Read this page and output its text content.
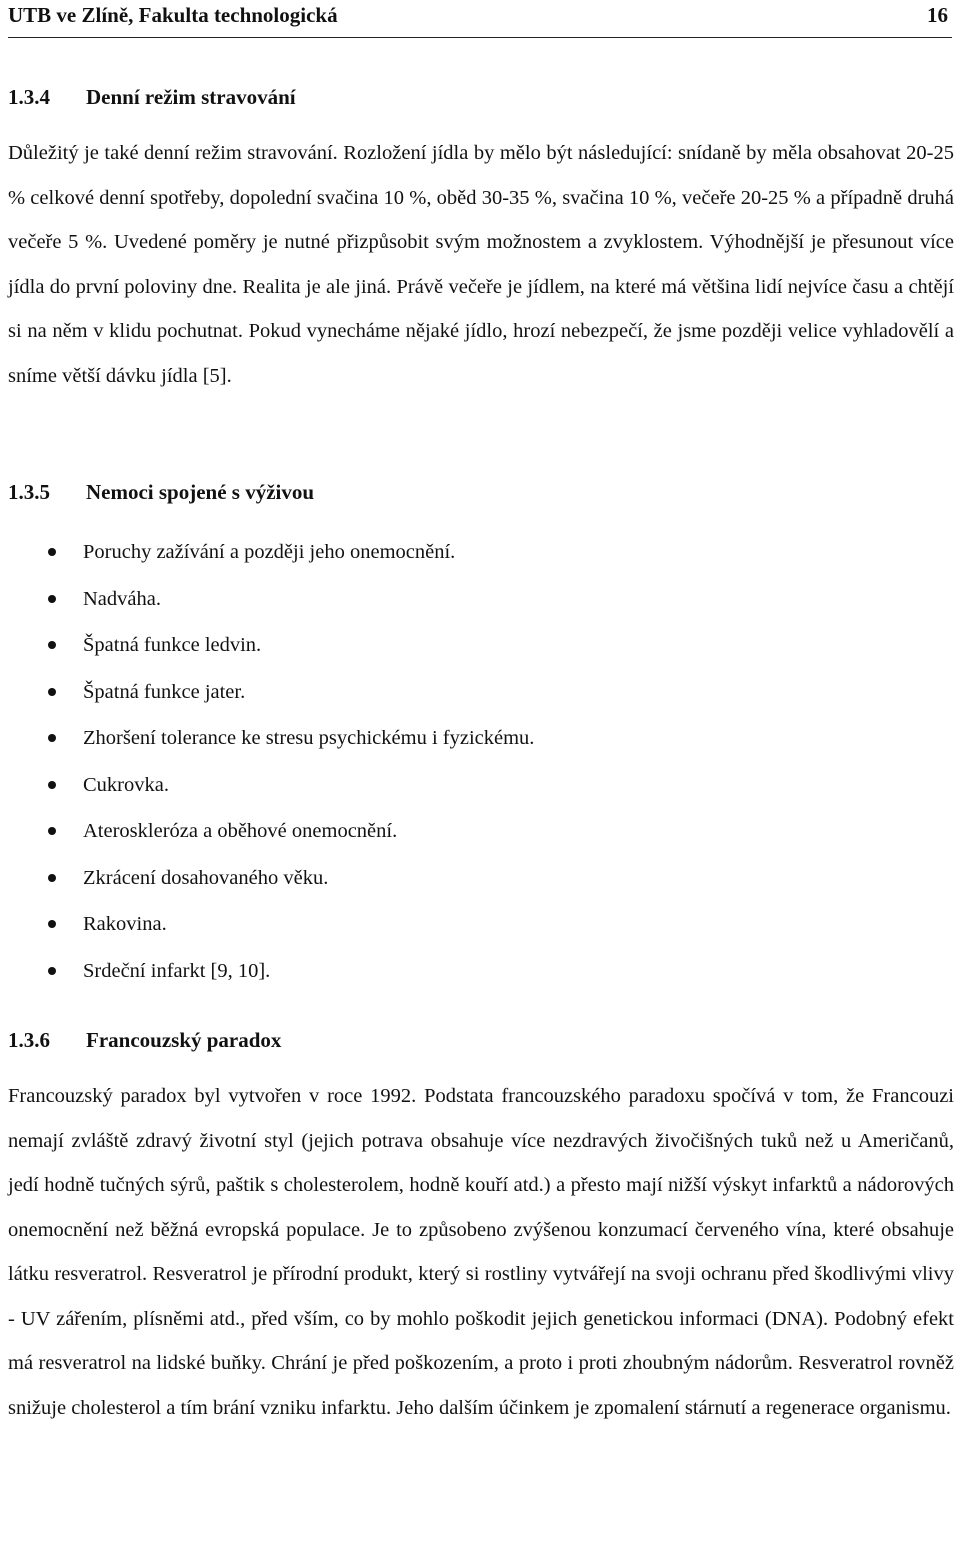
UTB ve Zlíně, Fakulta technologická	16
1.3.4 Denní režim stravování
Důležitý je také denní režim stravování. Rozložení jídla by mělo být následující: snídaně by měla obsahovat 20-25 % celkové denní spotřeby, dopolední svačina 10 %, oběd 30-35 %, svačina 10 %, večeře 20-25 % a případně druhá večeře 5 %. Uvedené poměry je nutné přizpůsobit svým možnostem a zvyklostem. Výhodnější je přesunout více jídla do první poloviny dne. Realita je ale jiná. Právě večeře je jídlem, na které má většina lidí nejvíce času a chtějí si na něm v klidu pochutnat. Pokud vynecháme nějaké jídlo, hrozí nebezpečí, že jsme později velice vyhladovělí a sníme větší dávku jídla [5].
1.3.5 Nemoci spojené s výživou
Poruchy zažívání a později jeho onemocnění.
Nadváha.
Špatná funkce ledvin.
Špatná funkce jater.
Zhoršení tolerance ke stresu psychickému i fyzickému.
Cukrovka.
Ateroskleróza a oběhové onemocnění.
Zkrácení dosahovaného věku.
Rakovina.
Srdeční infarkt [9, 10].
1.3.6 Francouzský paradox
Francouzský paradox byl vytvořen v roce 1992. Podstata francouzského paradoxu spočívá v tom, že Francouzi nemají zvláště zdravý životní styl (jejich potrava obsahuje více nezdravých živočišných tuků než u Američanů, jedí hodně tučných sýrů, paštik s cholesterolem, hodně kouří atd.) a přesto mají nižší výskyt infarktů a nádorových onemocnění než běžná evropská populace. Je to způsobeno zvýšenou konzumací červeného vína, které obsahuje látku resveratrol. Resveratrol je přírodní produkt, který si rostliny vytvářejí na svoji ochranu před škodlivými vlivy - UV zářením, plísněmi atd., před vším, co by mohlo poškodit jejich genetickou informaci (DNA). Podobný efekt má resveratrol na lidské buňky. Chrání je před poškozením, a proto i proti zhoubným nádorům. Resveratrol rovněž snižuje cholesterol a tím brání vzniku infarktu. Jeho dalším účinkem je zpomalení stárnutí a regenerace organismu.
